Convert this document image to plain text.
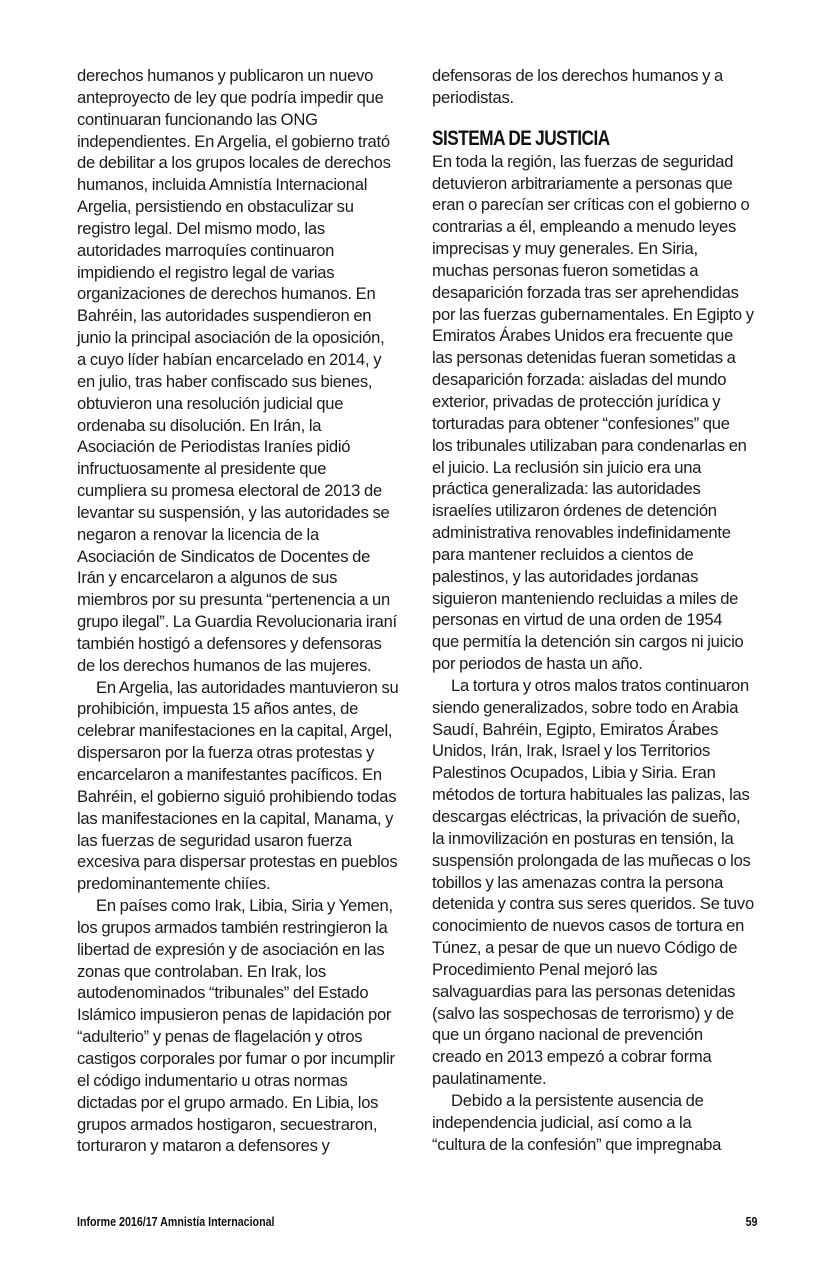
derechos humanos y publicaron un nuevo
anteproyecto de ley que podría impedir que
continuaran funcionando las ONG
independientes. En Argelia, el gobierno trató
de debilitar a los grupos locales de derechos
humanos, incluida Amnistía Internacional
Argelia, persistiendo en obstaculizar su
registro legal. Del mismo modo, las
autoridades marroquíes continuaron
impidiendo el registro legal de varias
organizaciones de derechos humanos. En
Bahréin, las autoridades suspendieron en
junio la principal asociación de la oposición,
a cuyo líder habían encarcelado en 2014, y
en julio, tras haber confiscado sus bienes,
obtuvieron una resolución judicial que
ordenaba su disolución. En Irán, la
Asociación de Periodistas Iraníes pidió
infructuosamente al presidente que
cumpliera su promesa electoral de 2013 de
levantar su suspensión, y las autoridades se
negaron a renovar la licencia de la
Asociación de Sindicatos de Docentes de
Irán y encarcelaron a algunos de sus
miembros por su presunta “pertenencia a un
grupo ilegal”. La Guardia Revolucionaria iraní
también hostigó a defensores y defensoras
de los derechos humanos de las mujeres.
En Argelia, las autoridades mantuvieron su
prohibición, impuesta 15 años antes, de
celebrar manifestaciones en la capital, Argel,
dispersaron por la fuerza otras protestas y
encarcelaron a manifestantes pacíficos. En
Bahréin, el gobierno siguió prohibiendo todas
las manifestaciones en la capital, Manama, y
las fuerzas de seguridad usaron fuerza
excesiva para dispersar protestas en pueblos
predominantemente chiíes.
En países como Irak, Libia, Siria y Yemen,
los grupos armados también restringieron la
libertad de expresión y de asociación en las
zonas que controlaban. En Irak, los
autodenominados “tribunales” del Estado
Islámico impusieron penas de lapidación por
“adulterio” y penas de flagelación y otros
castigos corporales por fumar o por incumplir
el código indumentario u otras normas
dictadas por el grupo armado. En Libia, los
grupos armados hostigaron, secuestraron,
torturaron y mataron a defensores y
defensoras de los derechos humanos y a
periodistas.
SISTEMA DE JUSTICIA
En toda la región, las fuerzas de seguridad
detuvieron arbitrariamente a personas que
eran o parecían ser críticas con el gobierno o
contrarias a él, empleando a menudo leyes
imprecisas y muy generales. En Siria,
muchas personas fueron sometidas a
desaparición forzada tras ser aprehendidas
por las fuerzas gubernamentales. En Egipto y
Emiratos Árabes Unidos era frecuente que
las personas detenidas fueran sometidas a
desaparición forzada: aisladas del mundo
exterior, privadas de protección jurídica y
torturadas para obtener “confesiones” que
los tribunales utilizaban para condenarlas en
el juicio. La reclusión sin juicio era una
práctica generalizada: las autoridades
israelíes utilizaron órdenes de detención
administrativa renovables indefinidamente
para mantener recluidos a cientos de
palestinos, y las autoridades jordanas
siguieron manteniendo recluidas a miles de
personas en virtud de una orden de 1954
que permitía la detención sin cargos ni juicio
por periodos de hasta un año.
La tortura y otros malos tratos continuaron
siendo generalizados, sobre todo en Arabia
Saudí, Bahréin, Egipto, Emiratos Árabes
Unidos, Irán, Irak, Israel y los Territorios
Palestinos Ocupados, Libia y Siria. Eran
métodos de tortura habituales las palizas, las
descargas eléctricas, la privación de sueño,
la inmovilización en posturas en tensión, la
suspensión prolongada de las muñecas o los
tobillos y las amenazas contra la persona
detenida y contra sus seres queridos. Se tuvo
conocimiento de nuevos casos de tortura en
Túnez, a pesar de que un nuevo Código de
Procedimiento Penal mejoró las
salvaguardias para las personas detenidas
(salvo las sospechosas de terrorismo) y de
que un órgano nacional de prevención
creado en 2013 empezó a cobrar forma
paulatinamente.
Debido a la persistente ausencia de
independencia judicial, así como a la
“cultura de la confesión” que impregnaba
Informe 2016/17 Amnistía Internacional	59
